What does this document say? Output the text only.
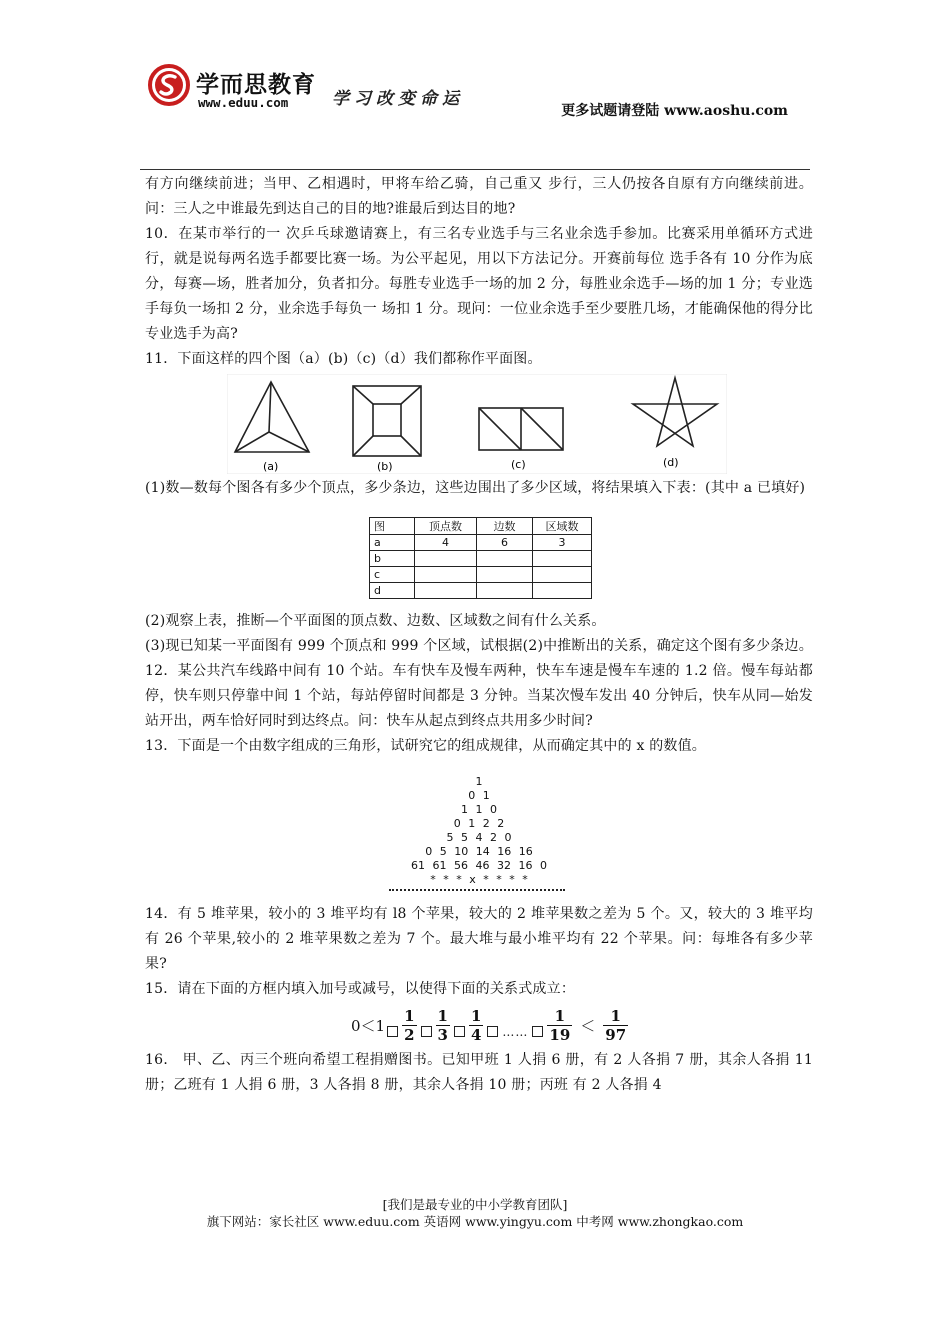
学而思教育
www.eduu.com	学习改变命运
更多试题请登陆 www.aoshu.com

有方向继续前进；当甲、乙相遇时，甲将车给乙骑，自己重又 步行，三人仍按各自原有方向继续前进。问：三人之中谁最先到达自己的目的地?谁最后到达目的地?

10．在某市举行的一 次乒乓球邀请赛上，有三名专业选手与三名业余选手参加。比赛采用单循环方式进行，就是说每两名选手都要比赛一场。为公平起见，用以下方法记分。开赛前每位 选手各有 10 分作为底分，每赛—场，胜者加分，负者扣分。每胜专业选手一场的加 2 分，每胜业余选手—场的加 1 分；专业选手每负一场扣 2 分，业余选手每负一 场扣 1 分。现问：一位业余选手至少要胜几场，才能确保他的得分比专业选手为高?

11．下面这样的四个图（a）(b)（c)（d）我们都称作平面图。

(a)	(b)	(c)	(d)

(1)数—数每个图各有多少个顶点，多少条边，这些边围出了多少区域，将结果填入下表：(其中 a 已填好)

图	顶点数	边数	区域数
a	4	6	3
b			
c			
d			

(2)观察上表，推断—个平面图的顶点数、边数、区域数之间有什么关系。

(3)现已知某一平面图有 999 个顶点和 999 个区域，试根据(2)中推断出的关系，确定这个图有多少条边。

12．某公共汽车线路中间有 10 个站。车有快车及慢车两种，快车车速是慢车车速的 1.2 倍。慢车每站都停，快车则只停靠中间 1 个站，每站停留时间都是 3 分钟。当某次慢车发出 40 分钟后，快车从同—始发站开出，两车恰好同时到达终点。问：快车从起点到终点共用多少时间?

13．下面是一个由数字组成的三角形，试研究它的组成规律，从而确定其中的 x 的数值。

1
0 1
1 1 0
0 1 2 2
5 5 4 2 0
0 5 10 14 16 16
61 61 56 46 32 16 0
* * * x * * * *

14．有 5 堆苹果，较小的 3 堆平均有 l8 个苹果，较大的 2 堆苹果数之差为 5 个。又，较大的 3 堆平均有 26 个苹果,较小的 2 堆苹果数之差为 7 个。最大堆与最小堆平均有 22 个苹果。问：每堆各有多少苹果?

15．请在下面的方框内填入加号或减号，以使得下面的关系式成立：

$0<1 \frac{1}{2} \frac{1}{3} \frac{1}{4}$ …… $\frac{1}{19} < \frac{1}{97}$

16． 甲、乙、丙三个班向希望工程捐赠图书。已知甲班 1 人捐 6 册，有 2 人各捐 7 册，其余人各捐 11 册；乙班有 1 人捐 6 册，3 人各捐 8 册，其余人各捐 10 册；丙班 有 2 人各捐 4

[我们是最专业的中小学教育团队]
旗下网站：家长社区 www.eduu.com 英语网 www.yingyu.com 中考网 www.zhongkao.com
